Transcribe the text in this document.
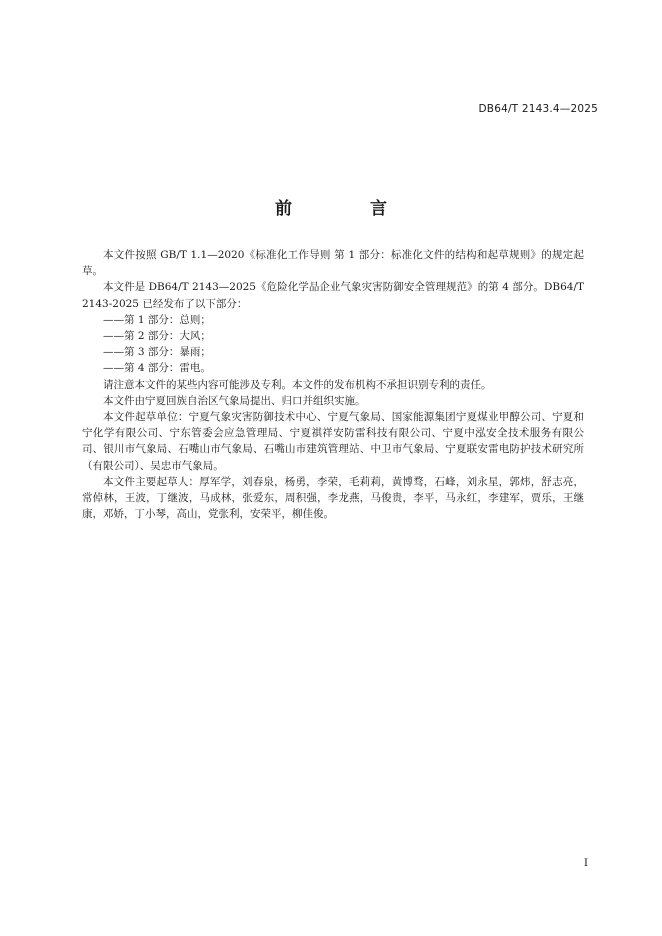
DB64/T 2143.4—2025
前 言

本文件按照 GB/T 1.1—2020《标准化工作导则 第 1 部分：标准化文件的结构和起草规则》的规定起草。

本文件是 DB64/T 2143—2025《危险化学品企业气象灾害防御安全管理规范》的第 4 部分。DB64/T 2143-2025 已经发布了以下部分：

——第 1 部分：总则；
——第 2 部分：大风；
——第 3 部分：暴雨；
——第 4 部分：雷电。

请注意本文件的某些内容可能涉及专利。本文件的发布机构不承担识别专利的责任。

本文件由宁夏回族自治区气象局提出、归口并组织实施。

本文件起草单位：宁夏气象灾害防御技术中心、宁夏气象局、国家能源集团宁夏煤业甲醇公司、宁夏和宁化学有限公司、宁东管委会应急管理局、宁夏祺祥安防雷科技有限公司、宁夏中泓安全技术服务有限公司、银川市气象局、石嘴山市气象局、石嘴山市建筑管理站、中卫市气象局、宁夏联安雷电防护技术研究所（有限公司）、吴忠市气象局。

本文件主要起草人：厚军学，刘春泉，杨勇，李荣，毛莉莉，黄博骛，石峰，刘永星，郭炜，舒志亮，常倬林，王波，丁继波，马成林，张爱东，周积强，李龙燕，马俊贵，李平，马永红，李建军，贾乐，王继康，邓娇，丁小琴，高山，党张利，安荣平，柳佳俊。

I
